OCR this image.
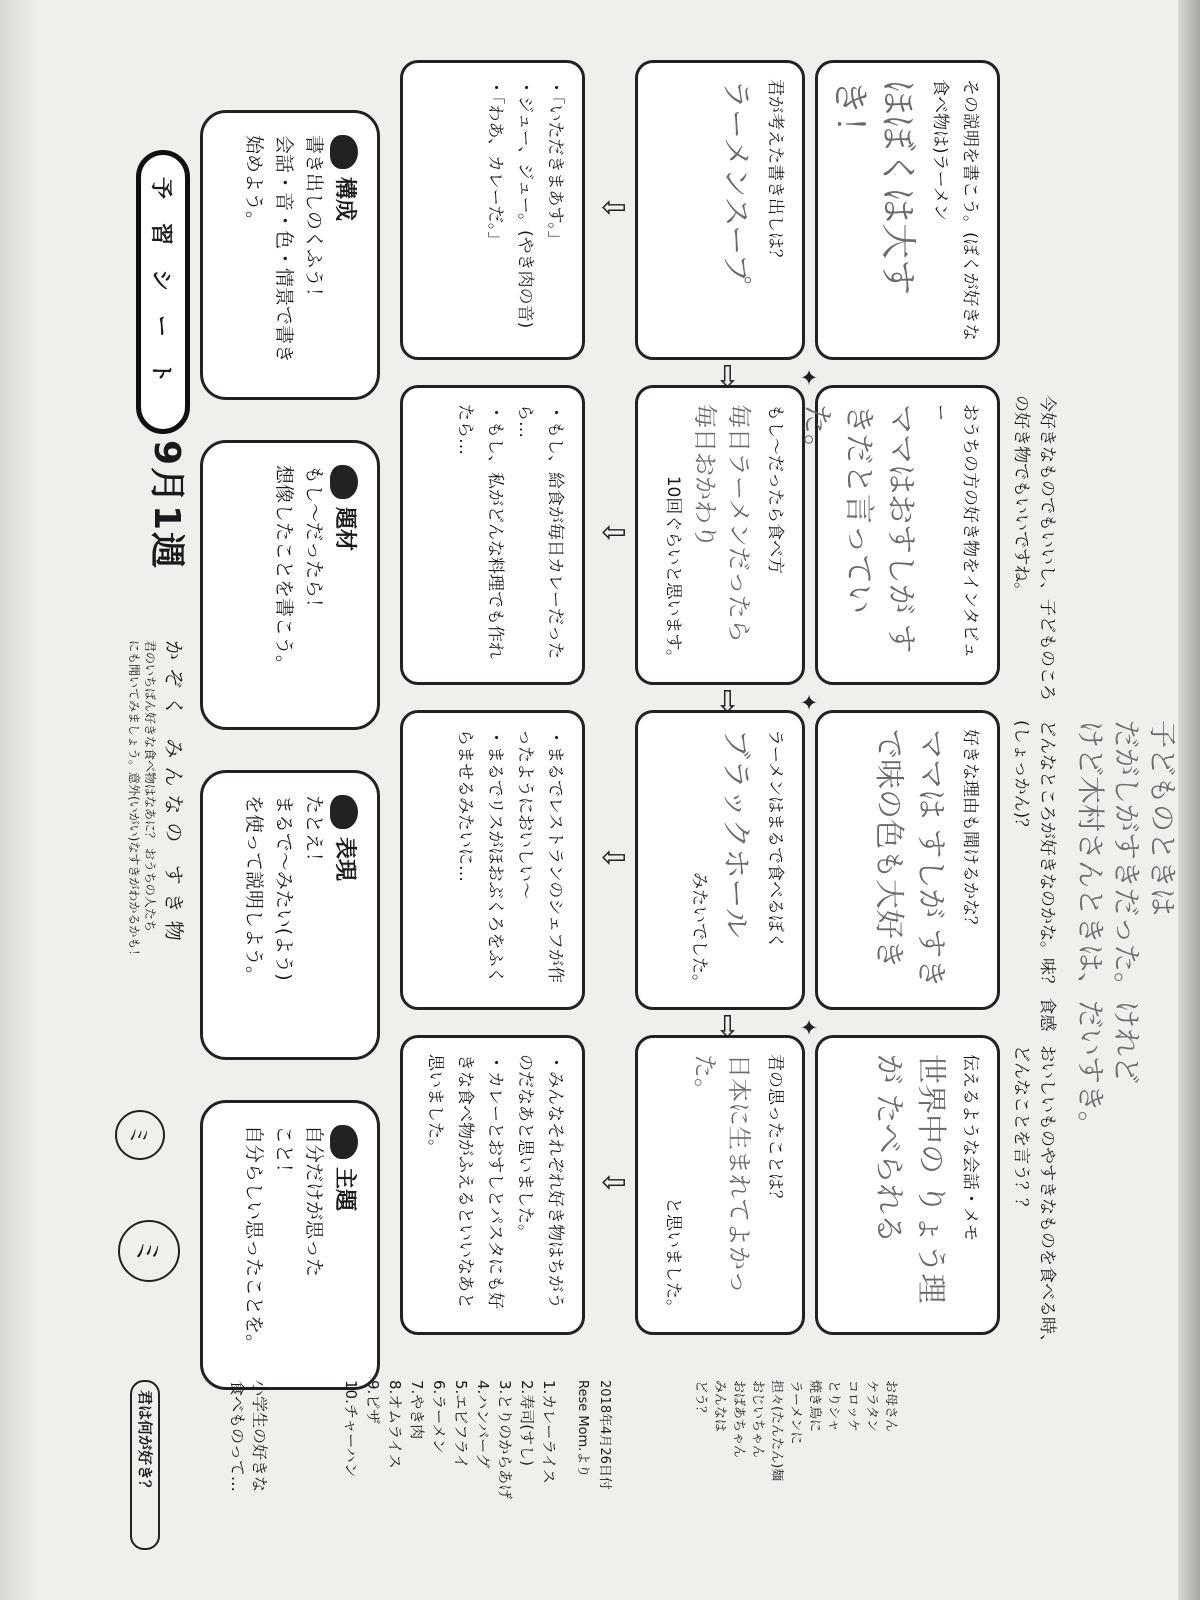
予
習
シ
ー
ト
9月1週
かぞく みんなの すき物
君のいちばん好きな食べ物はなあに？ おうちの人たち
にも聞いてみましょう。意外(いがい)なすきがわかるかも！
ミ
構成
書き出しのくふう！
会話・音・色・情景で書き
始めよう。
題材
もし〜だったら！
想像したことを書こう。
表現
たとえ！
まるで〜みたい(よう)
を使って説明しよう。
主題
自分だけが思った
こと！
自分らしい思ったことを。
・「いただきまあす。」
・ジュー、ジュー。(やき肉の音)
・「わあ、カレーだ。」
・もし、給食が毎日カレーだったら…
・もし、私がどんな料理でも作れたら…
・まるでレストランのシェフが作ったようにおいしい〜
・まるでリスがほおぶくろをふくらませるみたいに…
・みんなそれぞれ好き物はちがうのだなあと思いました。
・カレーとおすしとパスタにも好きな食べ物がふえるといいなあと思いました。
⇩
⇩
⇩
⇩
君が考えた書き出しは？
ラーメンスープ
もし〜だったら食べ方
毎日ラーメンだったら 毎日おかわり
10回ぐらいと思います。
ラーメンはまるで食べるぼく
ブラックホール
みたいでした。
君の思ったことは？
日本に生まれてよかった。
と思いました。
⇨
⇨
⇨
その説明を書こう。(ぼくが好きな食べ物は)ラーメン
ほぼくは大すき！
おうちの方の好き物をインタビュー
ママはおすしが すきだと言っていた。
好きな理由も聞けるかな？
ママは すしが すきで味の色も大好き
伝えるような会話・メモ
世界中の りょう理が たべられる
✦
✦
✦
今好きなものでもいいし、子どものころの好き物でもいいですね。
どんなところが好きなのかな。味？ 食感(しょっかん)？
おいしいものやすきなものを食べる時、どんなことを言う？？
子どものときは
だがしがすきだった。けれど
けど木村さんときは、だいすき。
君は何が好き？	小学生の好きな
食べものって…	1.カレーライス
2.寿司(すし)
3.とりのからあげ
4.ハンバーグ
5.エビフライ
6.ラーメン
7.やき肉
8.オムライス
9.ピザ
10.チャーハン	2018年4月26日付
Rese Mom.より	お母さん
ケラタン
コロッケ
とりシャ
焼き鳥に
ラーメンに
担々(たんたん)麺
おじいちゃん
おばあちゃん
みんなは
どう？
ミ
